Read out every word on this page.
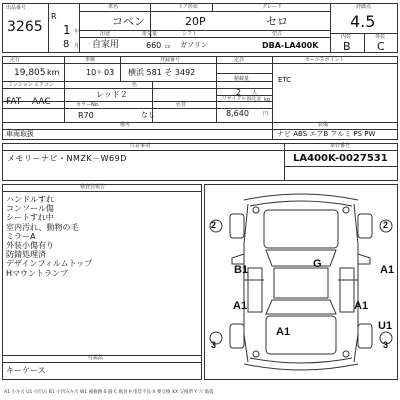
出品番号
3265
R
1 年
8 月
車名	ドア形状	グレード
コペン	20P	セロ
用途	排気量	シフト	型式
自家用	660 cc ガソリン	DBA-LA400K
評価点
4.5
内装	外装
B C
走行	車検	登録番号	定員
19,805 km	10 年 03 横浜 581 そ 3492
積載量
ミッション エアコン	色
FAT AAC
レッド２	2 人
kg
カラーNo.	色替
リサイクル預託金
R70	なし	8,640	円
備考
車両取扱
セールスポイント
ETC
ナビ ABS エアB アルミ PS PW
装備
注意事項	車台番号
メモリーナビ・NMZK－W69D	LA400K-0027531
検査員報告
ハンドルすれ
コンソール傷
シートすれ中
室内汚れ、動物の毛
ミラーA
外装小傷有り
防錆処理済
デザインフィルムトップ
Hマウントランプ
付属品
キーケース
2	2
3	3
G
B1	A1
A1	A1
U1
A1
A1 小キズ U1 小凹み B1 小凹みキズ W1 補修跡 S 錆 C 腐食 P 塗装不良 X 要交換 XX 交換済 Y 穴 亀裂
